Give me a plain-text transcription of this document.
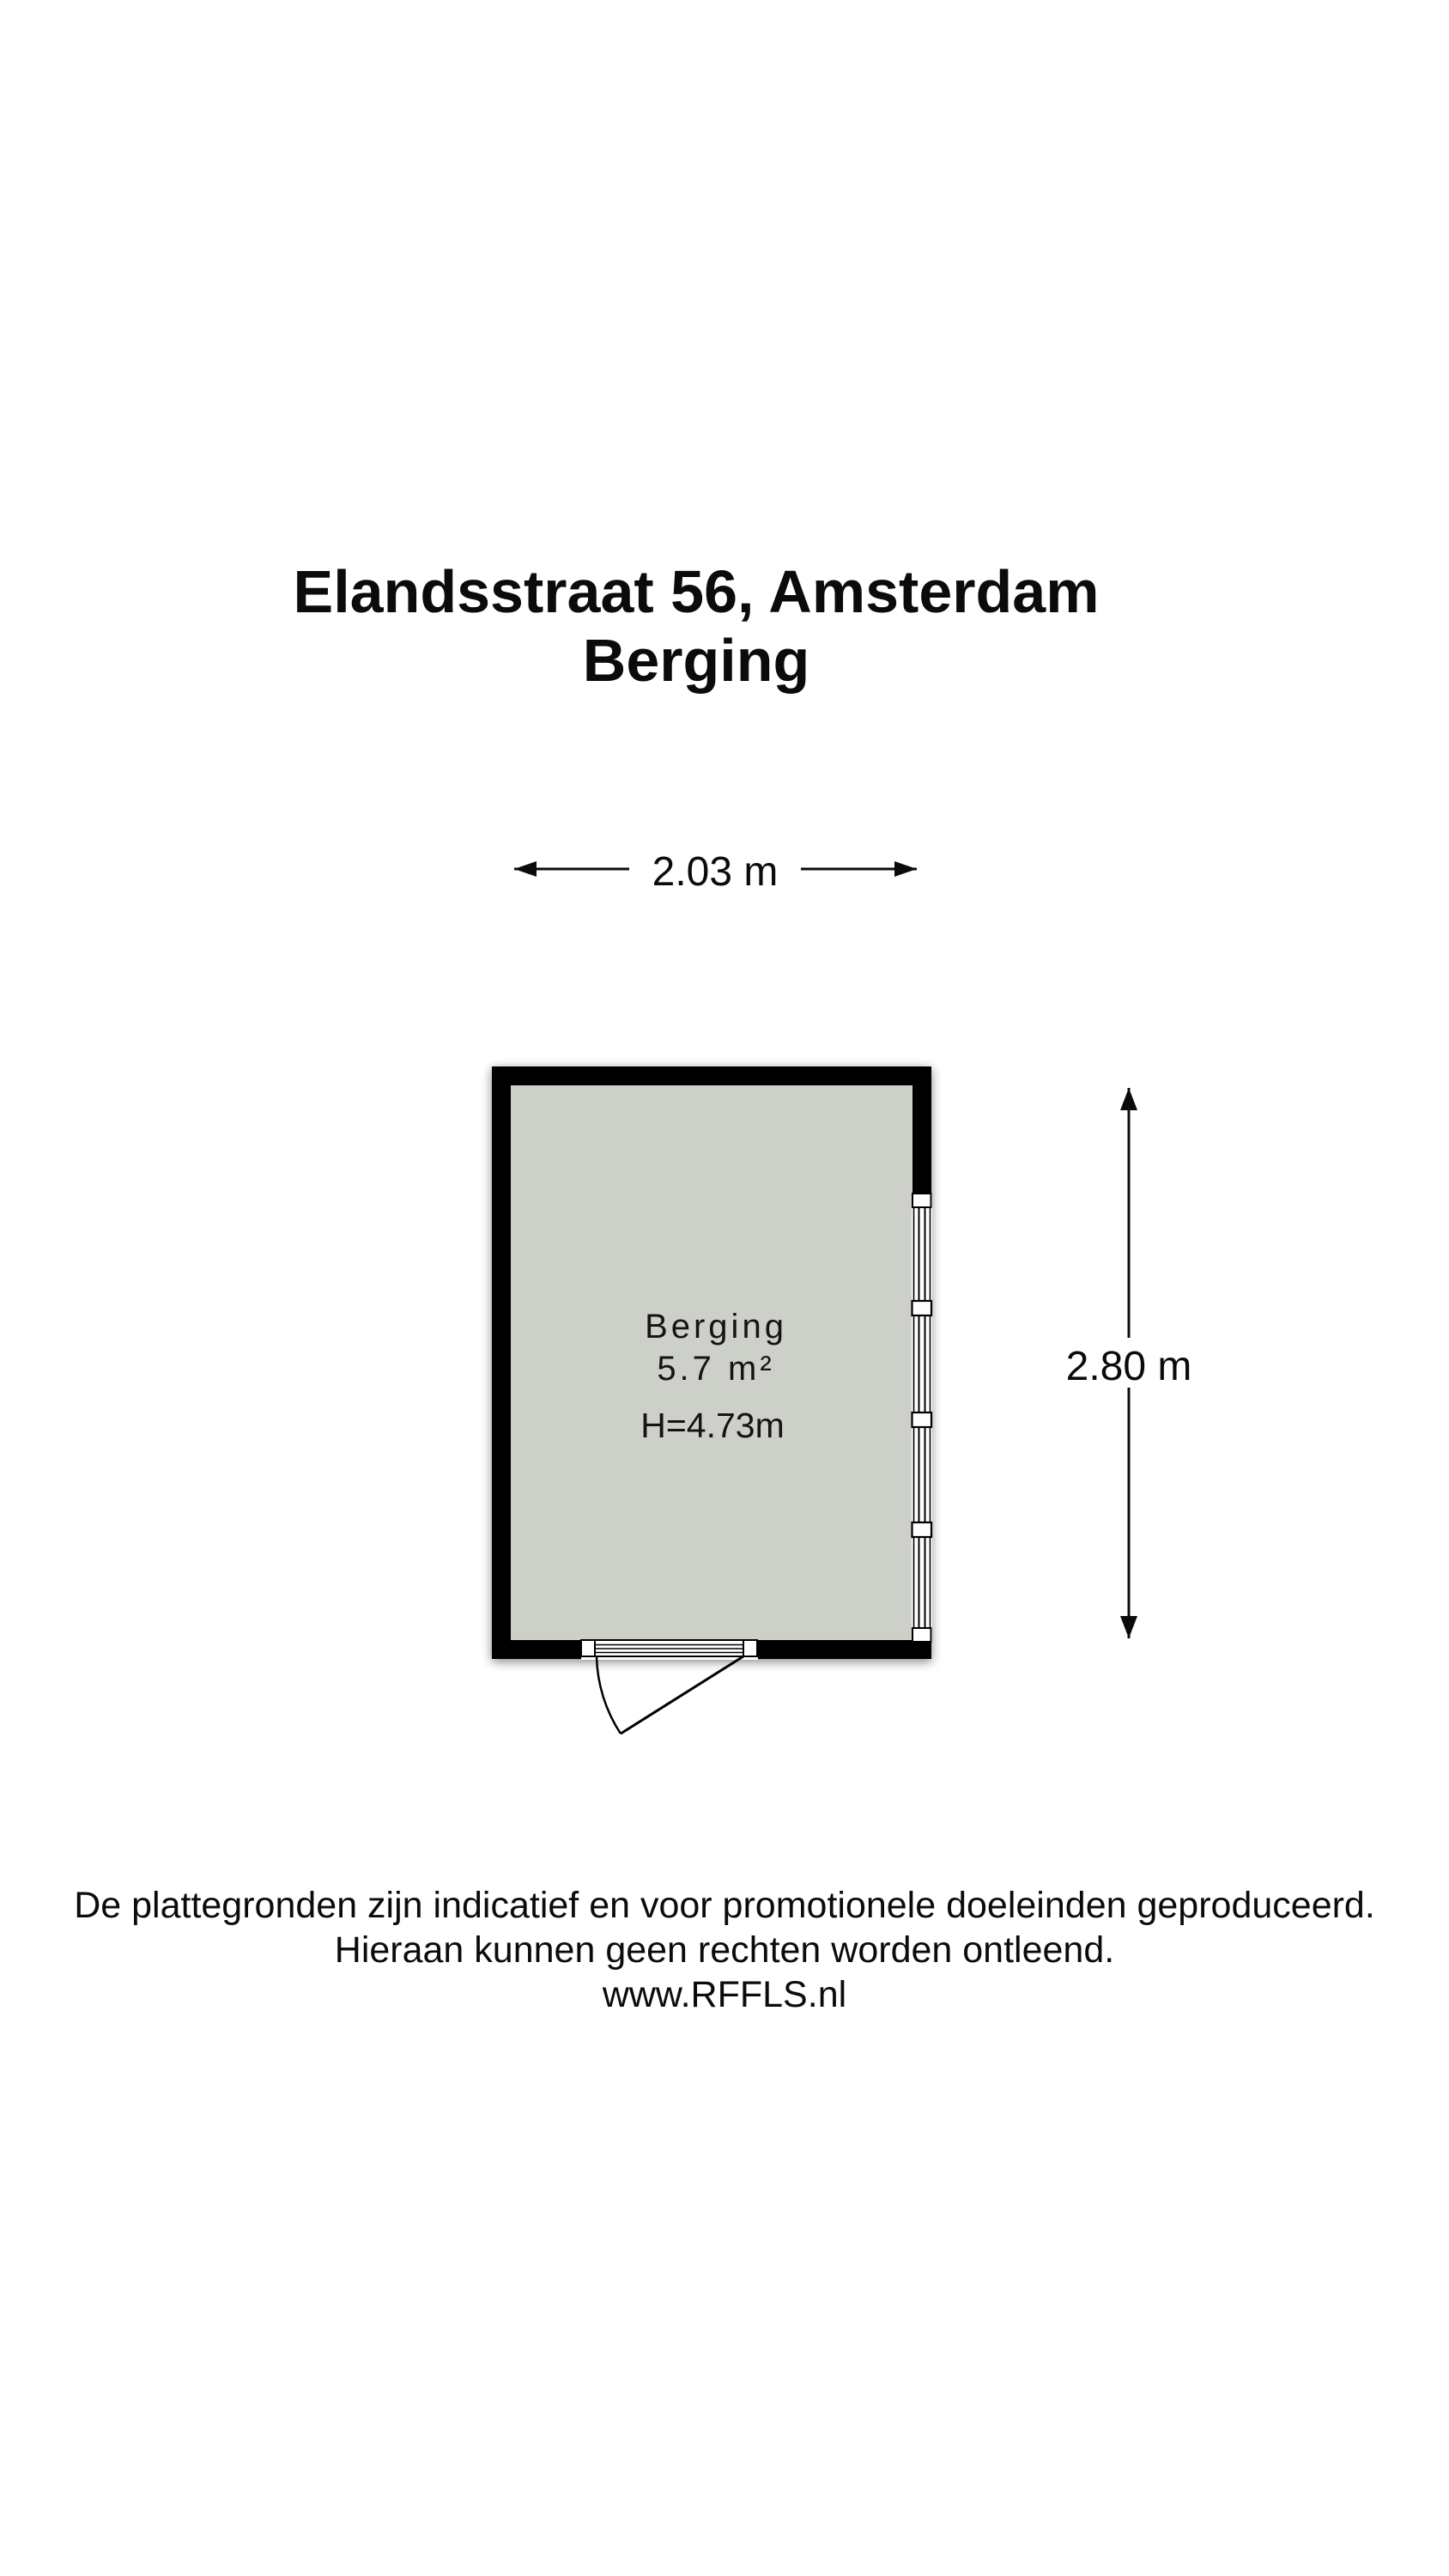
Elandsstraat 56, Amsterdam
Berging
2.03 m
2.80 m
Berging
5.7 m²
H=4.73m
De plattegronden zijn indicatief en voor promotionele doeleinden geproduceerd.
Hieraan kunnen geen rechten worden ontleend.
www.RFFLS.nl
